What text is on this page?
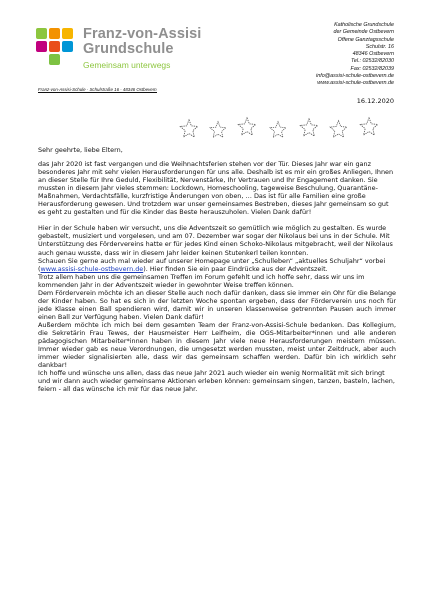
Franz-von-Assisi
Grundschule
Gemeinsam unterwegs
Katholische Grundschule
der Gemeinde Ostbevern
Offene Ganztagsschule
Schulstr. 16
48346 Ostbevern
Tel.: 02532/82030
Fax: 02532/82039
info@assisi-schule-ostbevern.de
www.assisi-schule-ostbevern.de
Franz-von-Assisi-Schule · Schulstraße 16 · 48346 Ostbevern
16.12.2020

Sehr geehrte, liebe Eltern,

das Jahr 2020 ist fast vergangen und die Weihnachtsferien stehen vor der Tür. Dieses Jahr war ein ganz besonderes Jahr mit sehr vielen Herausforderungen für uns alle. Deshalb ist es mir ein großes Anliegen, Ihnen an dieser Stelle für Ihre Geduld, Flexibilität, Nervenstärke, Ihr Vertrauen und Ihr Engagement danken. Sie mussten in diesem Jahr vieles stemmen: Lockdown, Homeschooling, tageweise Beschulung, Quarantäne-Maßnahmen, Verdachtsfälle, kurzfristige Änderungen von oben, … Das ist für alle Familien eine große Herausforderung gewesen. Und trotzdem war unser gemeinsames Bestreben, dieses Jahr gemeinsam so gut es geht zu gestalten und für die Kinder das Beste herauszuholen. Vielen Dank dafür!

Hier in der Schule haben wir versucht, uns die Adventszeit so gemütlich wie möglich zu gestalten. Es wurde gebastelt, musiziert und vorgelesen, und am 07. Dezember war sogar der Nikolaus bei uns in der Schule. Mit Unterstützung des Fördervereins hatte er für jedes Kind einen Schoko-Nikolaus mitgebracht, weil der Nikolaus auch genau wusste, dass wir in diesem Jahr leider keinen Stutenkerl teilen konnten.

Schauen Sie gerne auch mal wieder auf unserer Homepage unter „Schulleben“ „aktuelles Schuljahr“ vorbei (www.assisi-schule-ostbevern.de). Hier finden Sie ein paar Eindrücke aus der Adventszeit.

Trotz allem haben uns die gemeinsamen Treffen im Forum gefehlt und ich hoffe sehr, dass wir uns im kommenden Jahr in der Adventszeit wieder in gewohnter Weise treffen können.

Dem Förderverein möchte ich an dieser Stelle auch noch dafür danken, dass sie immer ein Ohr für die Belange der Kinder haben. So hat es sich in der letzten Woche spontan ergeben, dass der Förderverein uns noch für jede Klasse einen Ball spendieren wird, damit wir in unseren klassenweise getrennten Pausen auch immer einen Ball zur Verfügung haben. Vielen Dank dafür!

Außerdem möchte ich mich bei dem gesamten Team der Franz-von-Assisi-Schule bedanken. Das Kollegium, die Sekretärin Frau Tewes, der Hausmeister Herr Leifheim, die OGS-Mitarbeiter*innen und alle anderen pädagogischen Mitarbeiter*innen haben in diesem Jahr viele neue Herausforderungen meistern müssen. Immer wieder gab es neue Verordnungen, die umgesetzt werden mussten, meist unter Zeitdruck, aber auch immer wieder signalisierten alle, dass wir das gemeinsam schaffen werden. Dafür bin ich wirklich sehr dankbar!

Ich hoffe und wünsche uns allen, dass das neue Jahr 2021 auch wieder ein wenig Normalität mit sich bringt und wir dann auch wieder gemeinsame Aktionen erleben können: gemeinsam singen, tanzen, basteln, lachen, feiern - all das wünsche ich mir für das neue Jahr.
